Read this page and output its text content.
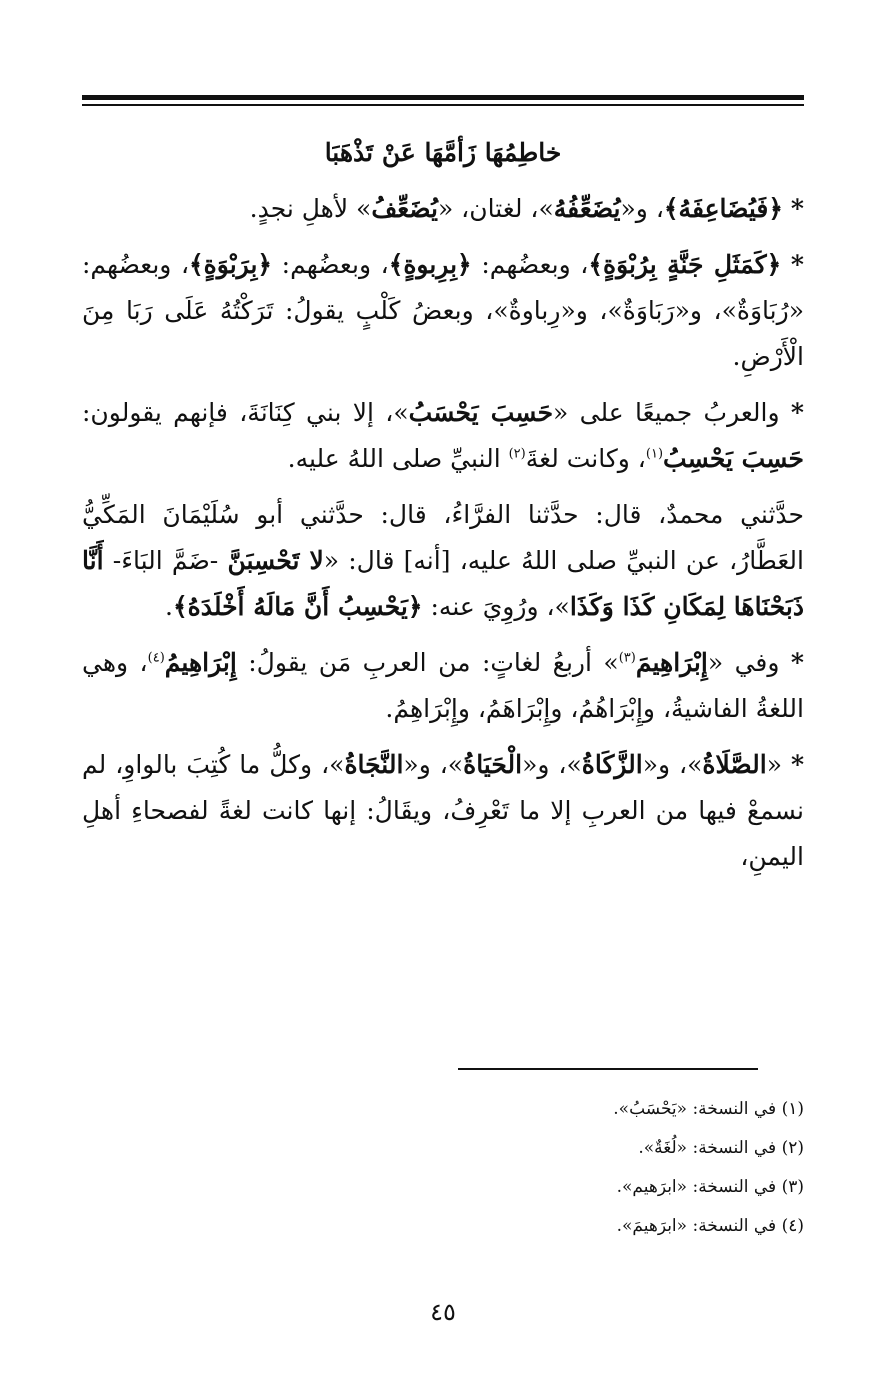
خاطِمُهَا زَأمَّهَا عَنْ تَذْهَبَا

* ﴿فَيُضَاعِفَهُ﴾، و«يُضَعِّفُهُ»، لغتان، «يُضَعِّفُ» لأهلِ نجدٍ.

* ﴿كَمَثَلِ جَنَّةٍ بِرُبْوَةٍ﴾، وبعضُهم: ﴿بِرِبوةٍ﴾، وبعضُهم: ﴿بِرَبْوَةٍ﴾، وبعضُهم: «رُبَاوَةٌ»، و«رَبَاوَةٌ»، و«رِباوةٌ»، وبعضُ كَلْبٍ يقولُ: تَرَكْتُهُ عَلَى رَبَا مِنَ الْأَرْضِ.

* والعربُ جميعًا على «حَسِبَ يَحْسَبُ»، إلا بني كِنَانَةَ، فإنهم يقولون: حَسِبَ يَحْسِبُ$^{(١)}$، وكانت لغةَ$^{(٢)}$ النبيِّ صلى اللهُ عليه.

حدَّثني محمدٌ، قال: حدَّثنا الفرَّاءُ، قال: حدَّثني أبو سُلَيْمَانَ المَكِّيُّ العَطَّارُ، عن النبيِّ صلى اللهُ عليه، [أنه] قال: «لا تَحْسِبَنَّ -ضَمَّ البَاءَ- أَنَّا ذَبَحْنَاهَا لِمَكَانِ كَذَا وَكَذَا»، ورُوِيَ عنه: ﴿يَحْسِبُ أَنَّ مَالَهُ أَخْلَدَهُ﴾.

* وفي «إِبْرَاهِيمَ$^{(٣)}$» أربعُ لغاتٍ: من العربِ مَن يقولُ: إِبْرَاهِيمُ$^{(٤)}$، وهي اللغةُ الفاشيةُ، وإِبْرَاهُمُ، وإِبْرَاهَمُ، وإِبْرَاهِمُ.

* «الصَّلَاةُ»، و«الزَّكَاةُ»، و«الْحَيَاةُ»، و«النَّجَاةُ»، وكلُّ ما كُتِبَ بالواوِ، لم نسمعْ فيها من العربِ إلا ما تَعْرِفُ، ويقَالُ: إنها كانت لغةً لفصحاءِ أهلِ اليمنِ،

(١) في النسخة: «يَحْسَبُ».

(٢) في النسخة: «لُغَةٌ».

(٣) في النسخة: «ابرَهيم».

(٤) في النسخة: «ابرَهيمَ».

٤٥
